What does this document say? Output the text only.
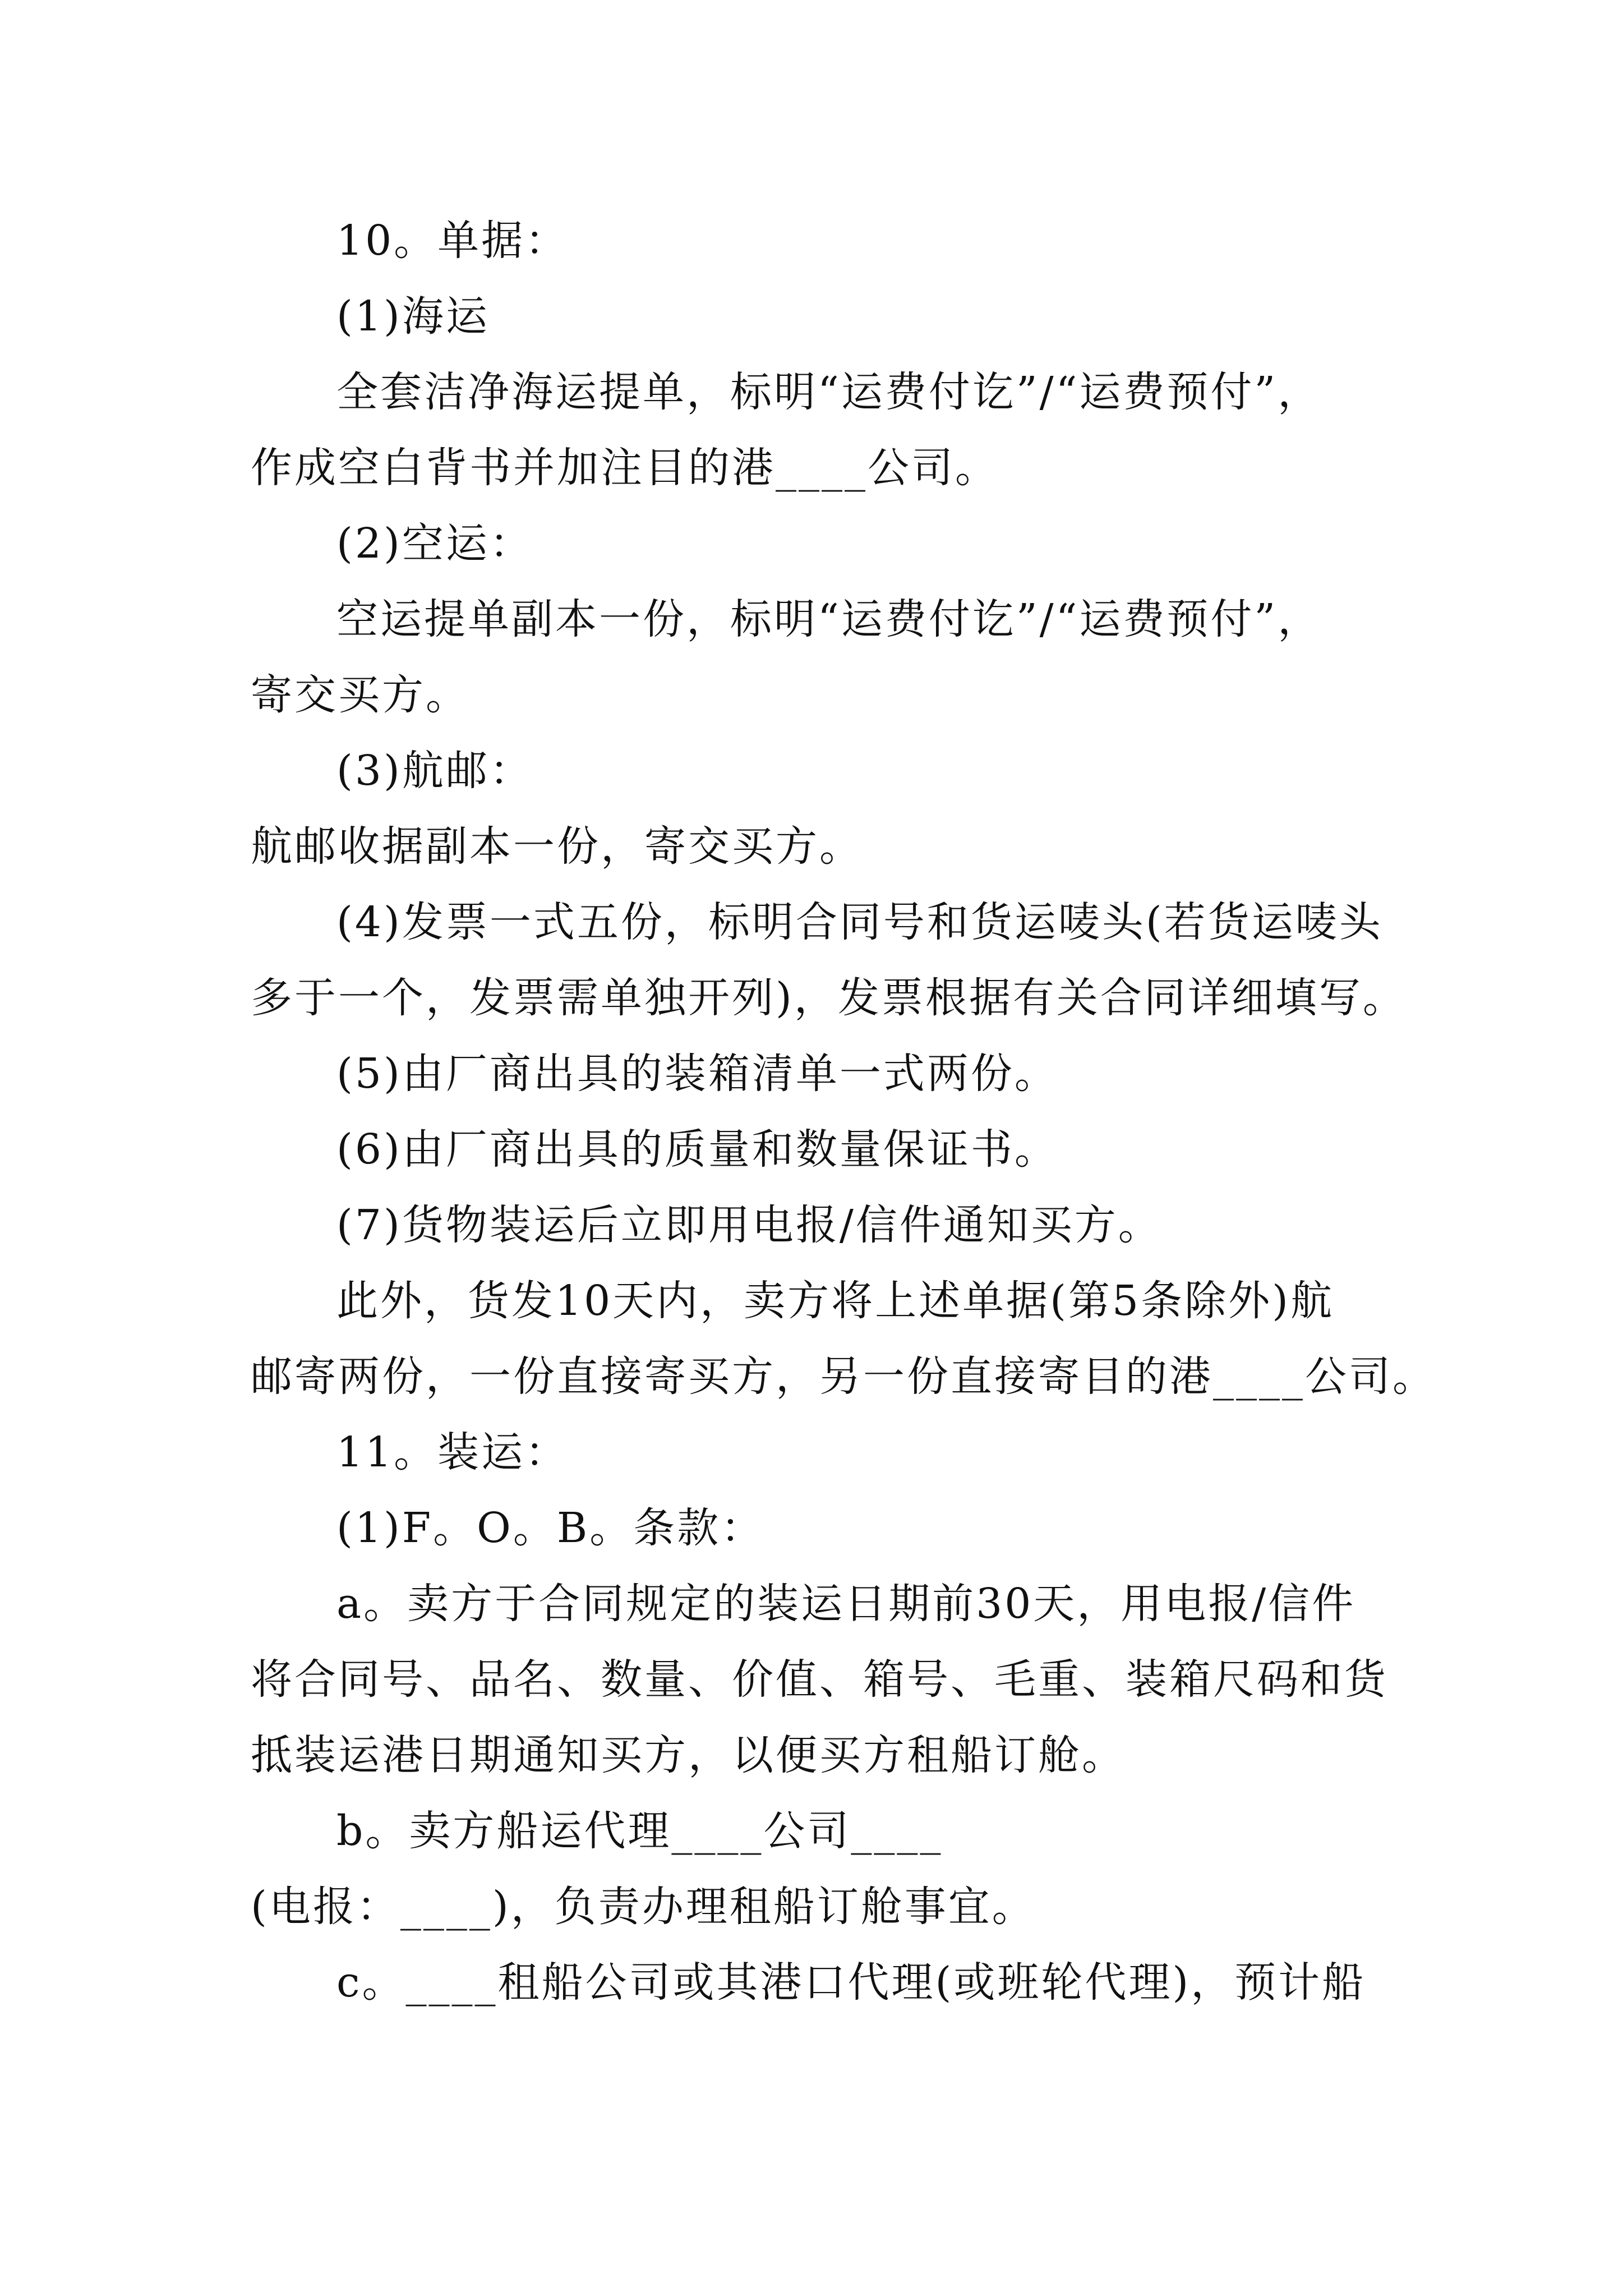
10。单据：
(1)海运
全套洁净海运提单，标明“运费付讫”/“运费预付”，
作成空白背书并加注目的港____公司。
(2)空运：
空运提单副本一份，标明“运费付讫”/“运费预付”，
寄交买方。
(3)航邮：
航邮收据副本一份，寄交买方。
(4)发票一式五份，标明合同号和货运唛头(若货运唛头
多于一个，发票需单独开列)，发票根据有关合同详细填写。
(5)由厂商出具的装箱清单一式两份。
(6)由厂商出具的质量和数量保证书。
(7)货物装运后立即用电报/信件通知买方。
此外，货发10天内，卖方将上述单据(第5条除外)航
邮寄两份，一份直接寄买方，另一份直接寄目的港____公司。
11。装运：
(1)F。O。B。条款：
a。卖方于合同规定的装运日期前30天，用电报/信件
将合同号、品名、数量、价值、箱号、毛重、装箱尺码和货
抵装运港日期通知买方，以便买方租船订舱。
b。卖方船运代理____公司____
(电报：____)，负责办理租船订舱事宜。
c。____租船公司或其港口代理(或班轮代理)，预计船
